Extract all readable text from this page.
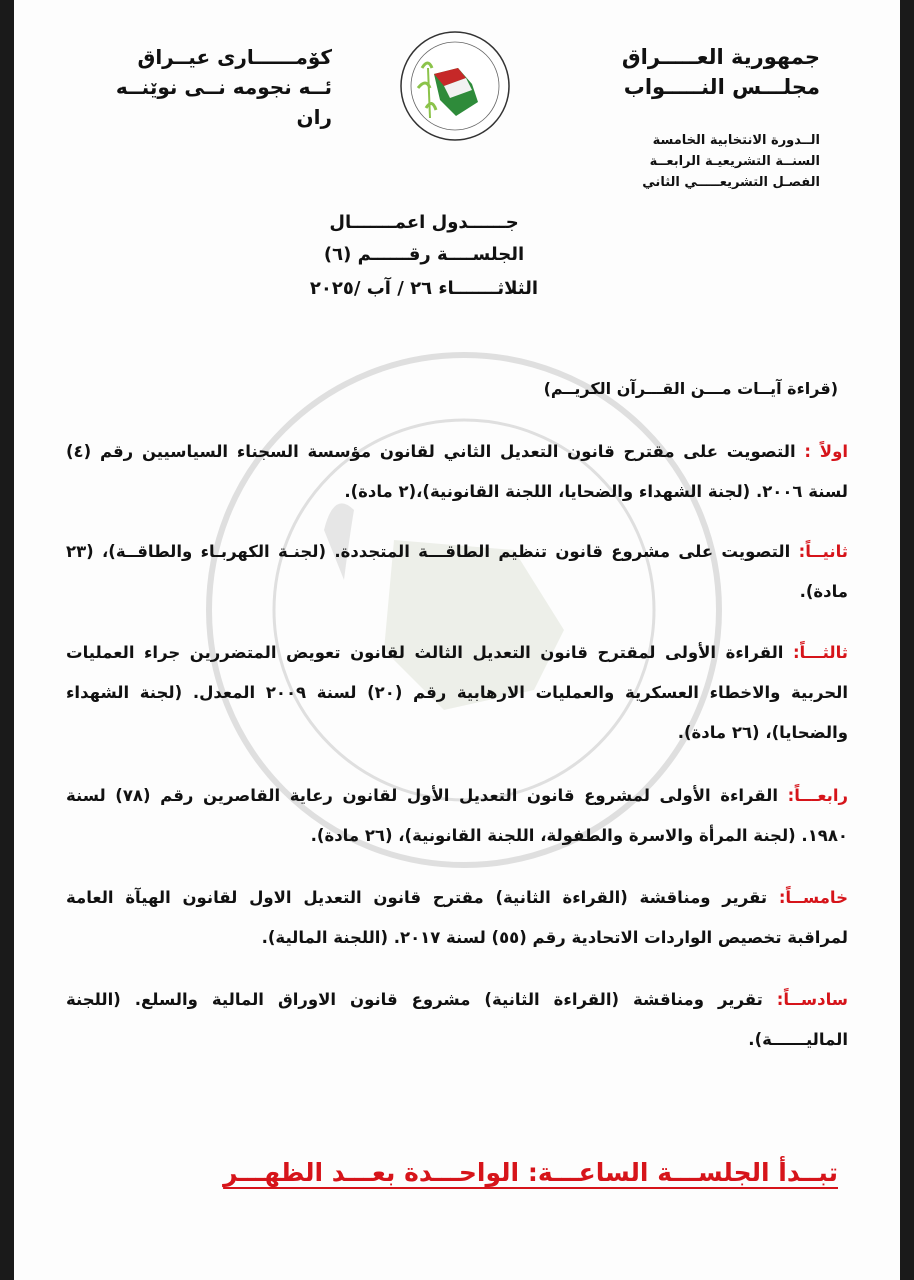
جمهورية العـــــراق
مجلـــس النـــــواب
الــدورة الانتخابية الخامسة
السنــة التشريعيـة الرابعــة
الفصـل التشريعـــــي الثاني
كۆمــــــاری عیــراق
ئــه نجومه نــی نوێنــه ران
جــــــدول اعمـــــــال
الجلســــة رقــــــم (٦)
الثلاثـــــــاء ٢٦ / آب /٢٠٢٥
(قراءة آيــات مـــن القـــرآن الكريــم)
اولاً : التصويت على مقترح قانون التعديل الثاني لقانون مؤسسة السجناء السياسيين رقم (٤) لسنة ٢٠٠٦. (لجنة الشهداء والضحايا، اللجنة القانونية)،(٢ مادة).
ثانيــاً: التصويت على مشروع قانون تنظيم الطاقـــة المتجددة. (لجنـة الكهربـاء والطاقــة)، (٢٣ مادة).
ثالثـــاً: القراءة الأولى لمقترح قانون التعديل الثالث لقانون تعويض المتضررين جراء العمليات الحربية والاخطاء العسكرية والعمليات الارهابية رقم (٢٠) لسنة ٢٠٠٩ المعدل. (لجنة الشهداء والضحايا)، (٢٦ مادة).
رابعـــاً: القراءة الأولى لمشروع قانون التعديل الأول لقانون رعاية القاصرين رقم (٧٨) لسنة ١٩٨٠. (لجنة المرأة والاسرة والطفولة، اللجنة القانونية)، (٢٦ مادة).
خامســاً: تقرير ومناقشة (القراءة الثانية) مقترح قانون التعديل الاول لقانون الهيآة العامة لمراقبة تخصيص الواردات الاتحادية رقم (٥٥) لسنة ٢٠١٧. (اللجنة المالية).
سادســاً: تقرير ومناقشة (القراءة الثانية) مشروع قانون الاوراق المالية والسلع. (اللجنة الماليــــــة).
تبــدأ الجلســـة الساعـــة: الواحـــدة بعـــد الظهـــر
